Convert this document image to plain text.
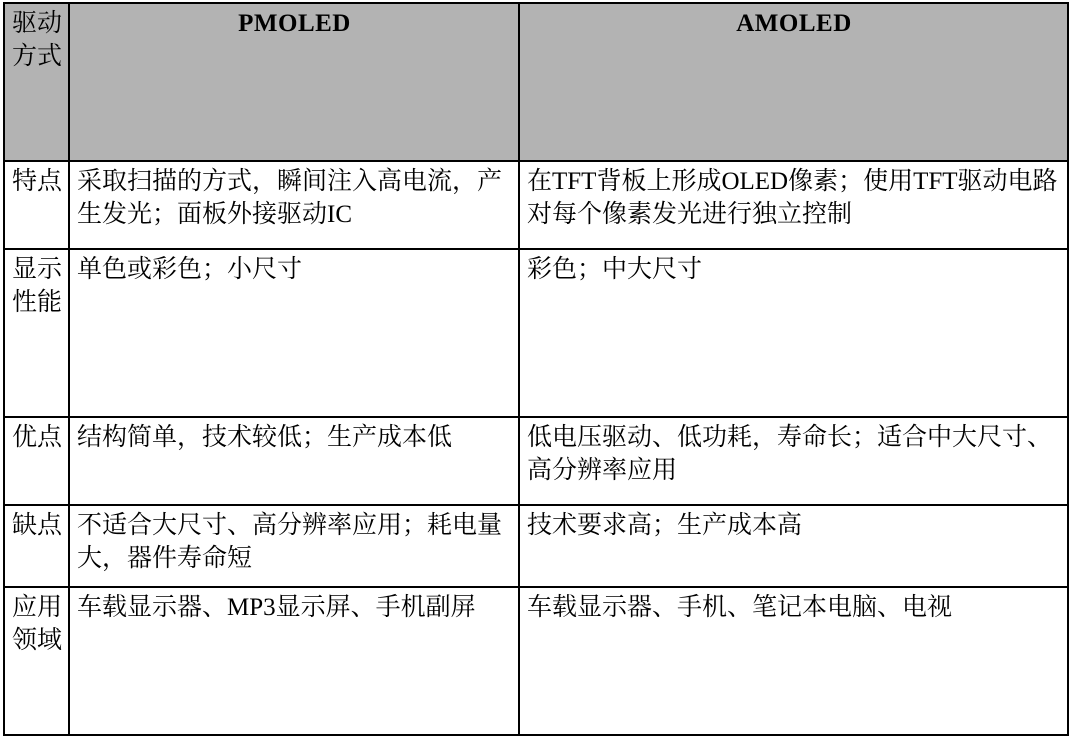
驱动方式	PMOLED	AMOLED
特点	采取扫描的方式，瞬间注入高电流，产生发光；面板外接驱动IC	在TFT背板上形成OLED像素；使用TFT驱动电路对每个像素发光进行独立控制
显示性能	单色或彩色；小尺寸	彩色；中大尺寸
优点	结构简单，技术较低；生产成本低	低电压驱动、低功耗，寿命长；适合中大尺寸、高分辨率应用
缺点	不适合大尺寸、高分辨率应用；耗电量大，器件寿命短	技术要求高；生产成本高
应用领域	车载显示器、MP3显示屏、手机副屏	车载显示器、手机、笔记本电脑、电视
